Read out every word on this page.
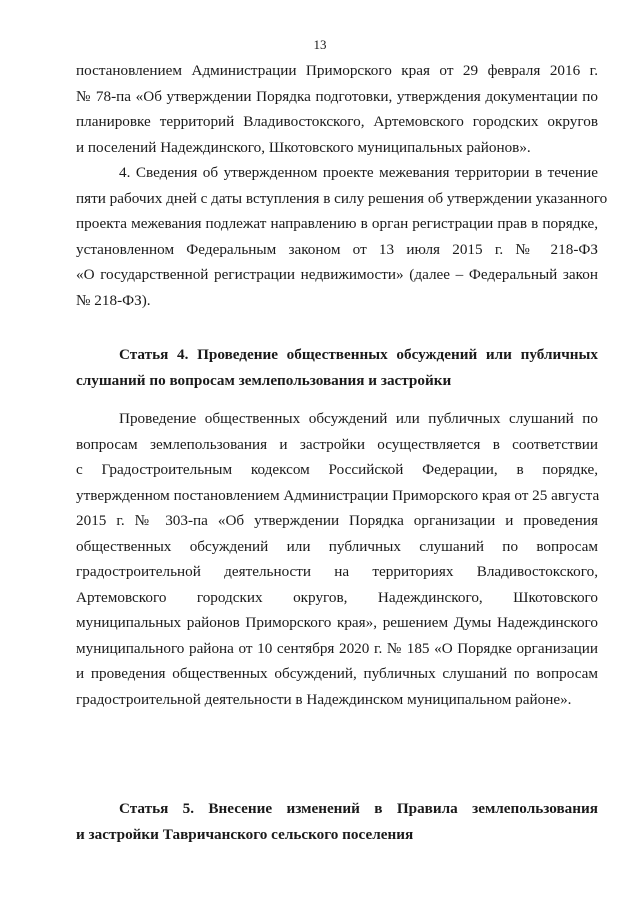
13
постановлением Администрации Приморского края от 29 февраля 2016 г.
№ 78-па «Об утверждении Порядка подготовки, утверждения документации по
планировке территорий Владивостокского, Артемовского городских округов
и поселений Надеждинского, Шкотовского муниципальных районов».
4. Сведения об утвержденном проекте межевания территории в течение
пяти рабочих дней с даты вступления в силу решения об утверждении указанного
проекта межевания подлежат направлению в орган регистрации прав в порядке,
установленном Федеральным законом от 13 июля 2015 г. № 218-ФЗ
«О государственной регистрации недвижимости» (далее – Федеральный закон
№ 218-ФЗ).
Статья 4. Проведение общественных обсуждений или публичных
слушаний по вопросам землепользования и застройки
Проведение общественных обсуждений или публичных слушаний по
вопросам землепользования и застройки осуществляется в соответствии
с Градостроительным кодексом Российской Федерации, в порядке,
утвержденном постановлением Администрации Приморского края от 25 августа
2015 г. № 303-па «Об утверждении Порядка организации и проведения
общественных обсуждений или публичных слушаний по вопросам
градостроительной деятельности на территориях Владивостокского,
Артемовского городских округов, Надеждинского, Шкотовского
муниципальных районов Приморского края», решением Думы Надеждинского
муниципального района от 10 сентября 2020 г. № 185 «О Порядке организации
и проведения общественных обсуждений, публичных слушаний по вопросам
градостроительной деятельности в Надеждинском муниципальном районе».
Статья 5. Внесение изменений в Правила землепользования
и застройки Тавричанского сельского поселения
